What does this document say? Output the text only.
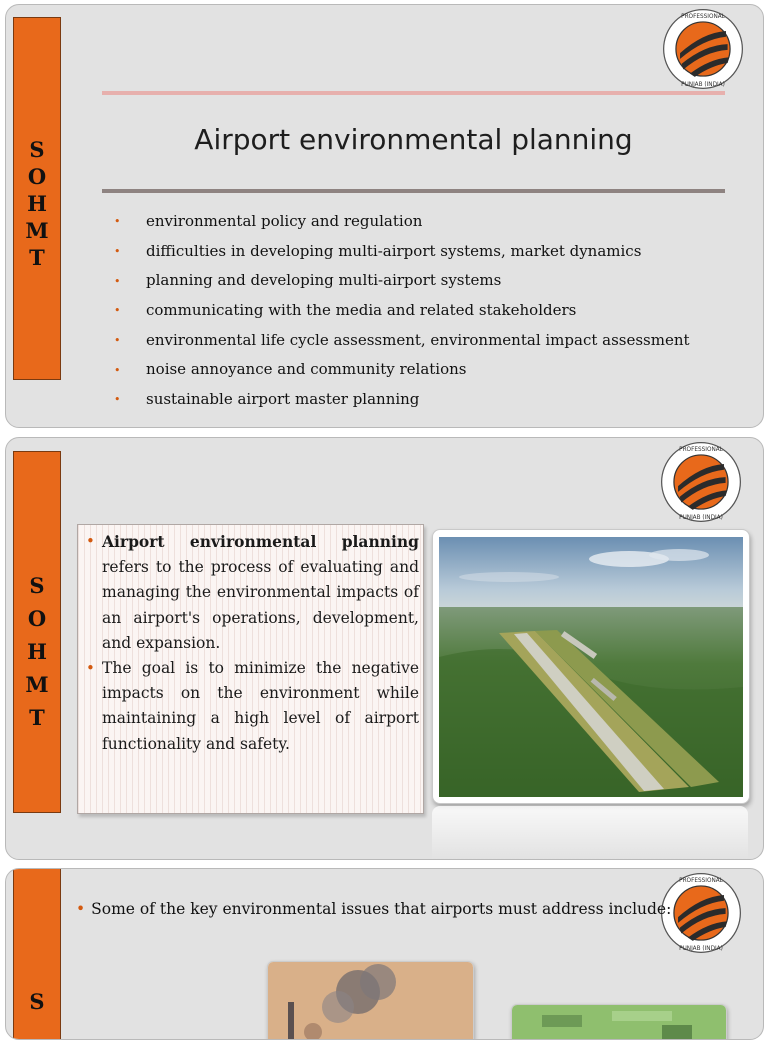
S
O
H
M
T
PROFESSIONAL
PUNJAB (INDIA)
Airport environmental planning
• environmental policy and regulation
• difficulties in developing multi-airport systems, market dynamics
• planning and developing multi-airport systems
• communicating with the media and related stakeholders
• environmental life cycle assessment, environmental impact assessment
• noise annoyance and community relations
• sustainable airport master planning
S
O
H
M
T
PROFESSIONAL
PUNJAB (INDIA)
• Airport environmental planning refers to the process of evaluating and managing the environmental impacts of an airport's operations, development, and expansion.
• The goal is to minimize the negative impacts on the environment while maintaining a high level of airport functionality and safety.
S
PROFESSIONAL
PUNJAB (INDIA)
• Some of the key environmental issues that airports must address include:
